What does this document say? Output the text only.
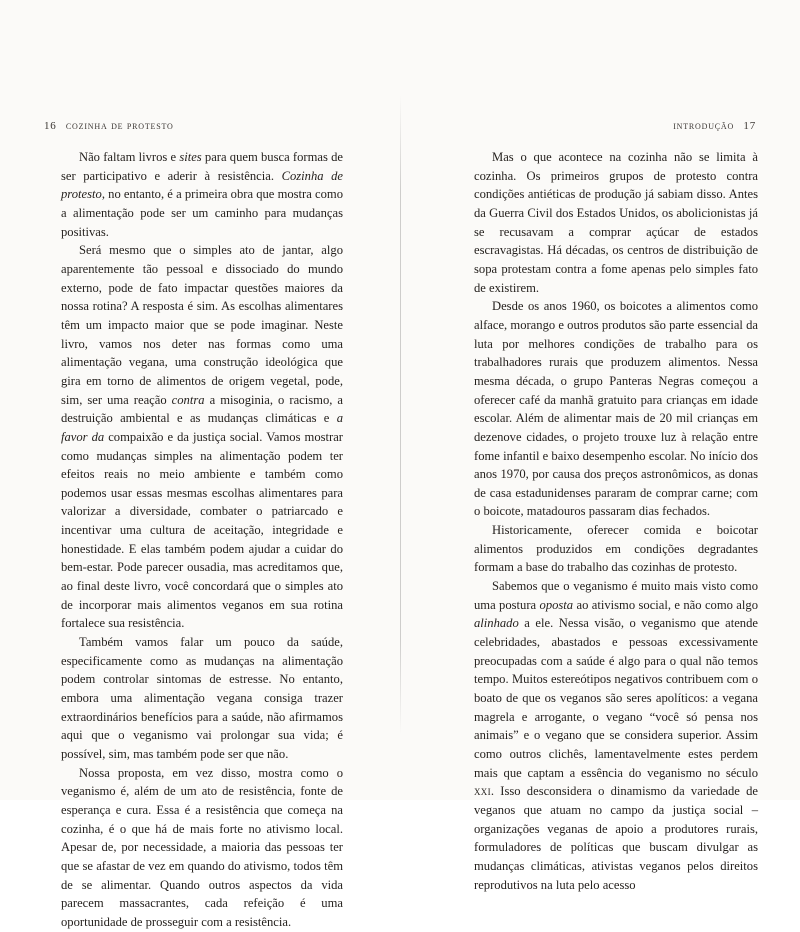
16 cozinha de protesto

Não faltam livros e sites para quem busca formas de ser participativo e aderir à resistência. Cozinha de protesto, no entanto, é a primeira obra que mostra como a alimentação pode ser um caminho para mudanças positivas.

Será mesmo que o simples ato de jantar, algo aparentemente tão pessoal e dissociado do mundo externo, pode de fato impactar questões maiores da nossa rotina? A resposta é sim. As escolhas alimentares têm um impacto maior que se pode imaginar. Neste livro, vamos nos deter nas formas como uma alimentação vegana, uma construção ideológica que gira em torno de alimentos de origem vegetal, pode, sim, ser uma reação contra a misoginia, o racismo, a destruição ambiental e as mudanças climáticas e a favor da compaixão e da justiça social. Vamos mostrar como mudanças simples na alimentação podem ter efeitos reais no meio ambiente e também como podemos usar essas mesmas escolhas alimentares para valorizar a diversidade, combater o patriarcado e incentivar uma cultura de aceitação, integridade e honestidade. E elas também podem ajudar a cuidar do bem-estar. Pode parecer ousadia, mas acreditamos que, ao final deste livro, você concordará que o simples ato de incorporar mais alimentos veganos em sua rotina fortalece sua resistência.

Também vamos falar um pouco da saúde, especificamente como as mudanças na alimentação podem controlar sintomas de estresse. No entanto, embora uma alimentação vegana consiga trazer extraordinários benefícios para a saúde, não afirmamos aqui que o veganismo vai prolongar sua vida; é possível, sim, mas também pode ser que não.

Nossa proposta, em vez disso, mostra como o veganismo é, além de um ato de resistência, fonte de esperança e cura. Essa é a resistência que começa na cozinha, é o que há de mais forte no ativismo local. Apesar de, por necessidade, a maioria das pessoas ter que se afastar de vez em quando do ativismo, todos têm de se alimentar. Quando outros aspectos da vida parecem massacrantes, cada refeição é uma oportunidade de prosseguir com a resistência.

introdução 17

Mas o que acontece na cozinha não se limita à cozinha. Os primeiros grupos de protesto contra condições antiéticas de produção já sabiam disso. Antes da Guerra Civil dos Estados Unidos, os abolicionistas já se recusavam a comprar açúcar de estados escravagistas. Há décadas, os centros de distribuição de sopa protestam contra a fome apenas pelo simples fato de existirem.

Desde os anos 1960, os boicotes a alimentos como alface, morango e outros produtos são parte essencial da luta por melhores condições de trabalho para os trabalhadores rurais que produzem alimentos. Nessa mesma década, o grupo Panteras Negras começou a oferecer café da manhã gratuito para crianças em idade escolar. Além de alimentar mais de 20 mil crianças em dezenove cidades, o projeto trouxe luz à relação entre fome infantil e baixo desempenho escolar. No início dos anos 1970, por causa dos preços astronômicos, as donas de casa estadunidenses pararam de comprar carne; com o boicote, matadouros passaram dias fechados.

Historicamente, oferecer comida e boicotar alimentos produzidos em condições degradantes formam a base do trabalho das cozinhas de protesto.

Sabemos que o veganismo é muito mais visto como uma postura oposta ao ativismo social, e não como algo alinhado a ele. Nessa visão, o veganismo que atende celebridades, abastados e pessoas excessivamente preocupadas com a saúde é algo para o qual não temos tempo. Muitos estereótipos negativos contribuem com o boato de que os veganos são seres apolíticos: a vegana magrela e arrogante, o vegano “você só pensa nos animais” e o vegano que se considera superior. Assim como outros clichês, lamentavelmente estes perdem mais que captam a essência do veganismo no século xxi. Isso desconsidera o dinamismo da variedade de veganos que atuam no campo da justiça social – organizações veganas de apoio a produtores rurais, formuladores de políticas que buscam divulgar as mudanças climáticas, ativistas veganos pelos direitos reprodutivos na luta pelo acesso
